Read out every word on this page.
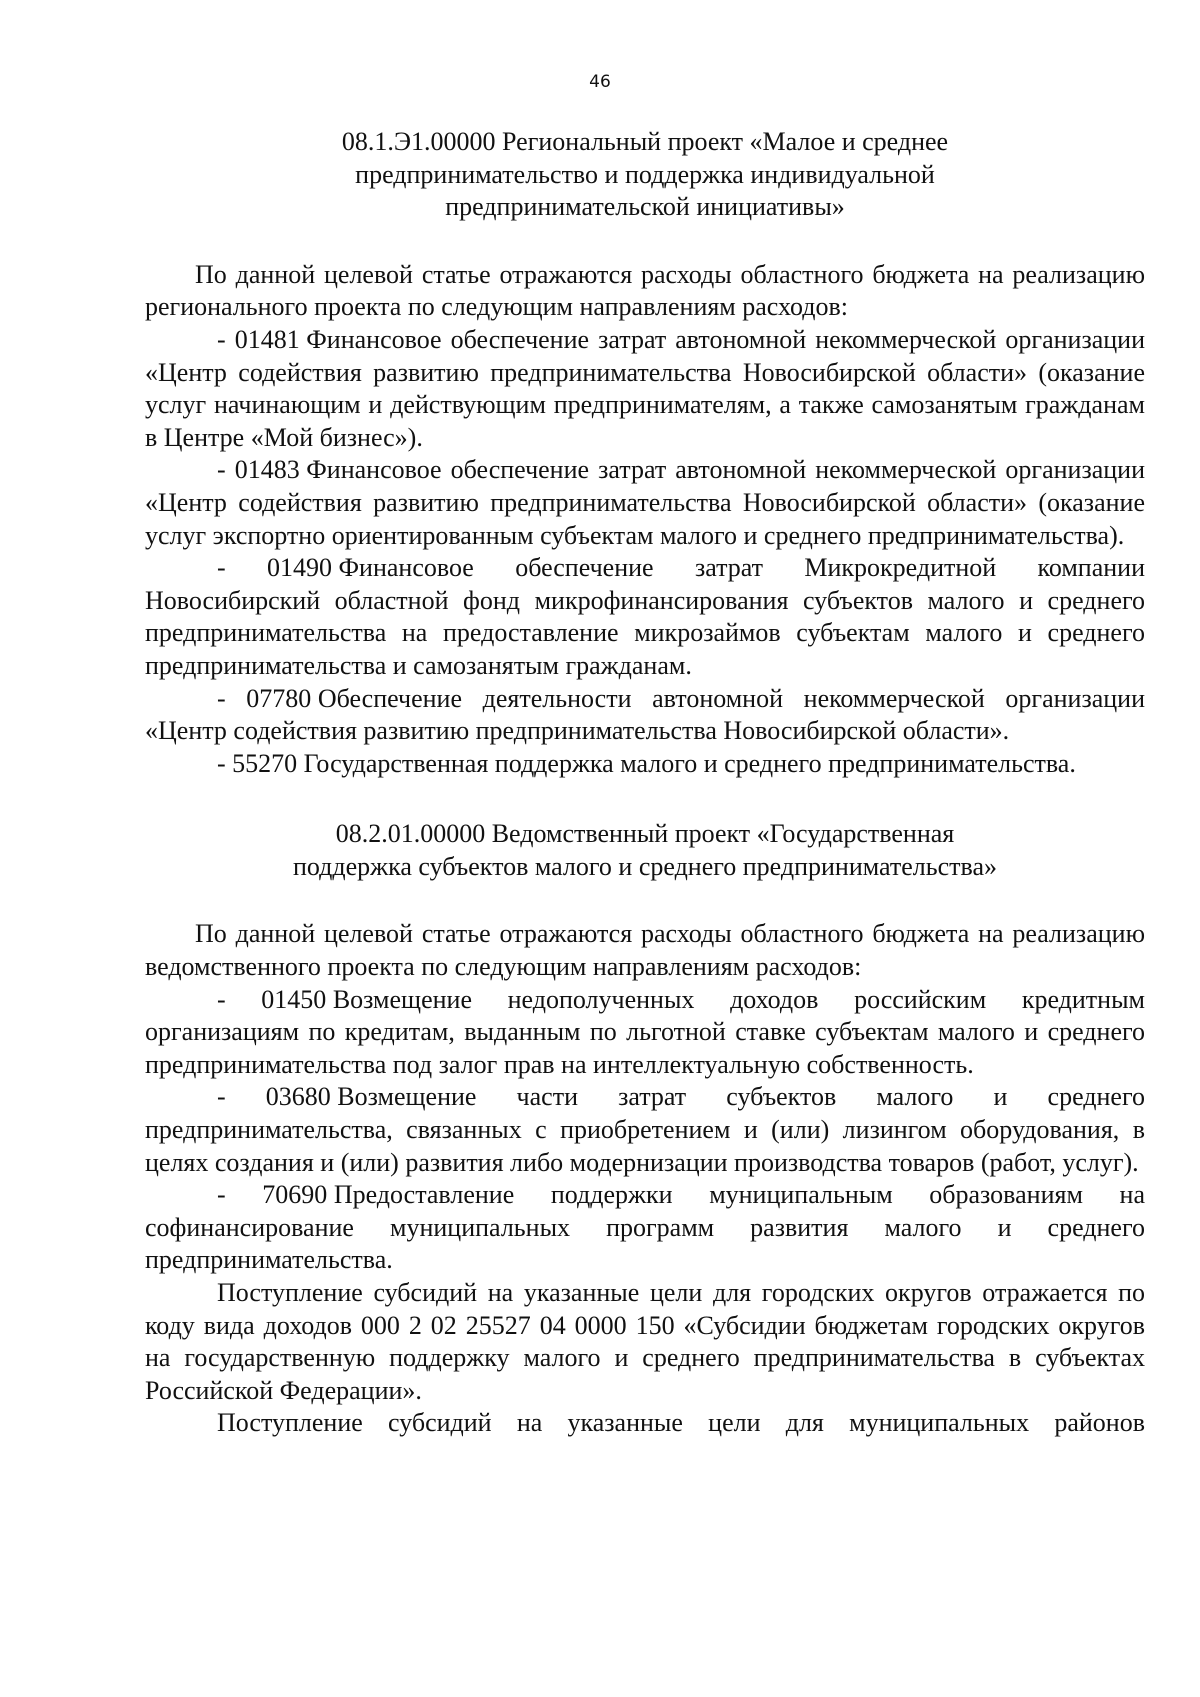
46
08.1.Э1.00000 Региональный проект «Малое и среднее
предпринимательство и поддержка индивидуальной
предпринимательской инициативы»

По данной целевой статье отражаются расходы областного бюджета на реализацию регионального проекта по следующим направлениям расходов:

- 01481 Финансовое обеспечение затрат автономной некоммерческой организации «Центр содействия развитию предпринимательства Новосибирской области» (оказание услуг начинающим и действующим предпринимателям, а также самозанятым гражданам в Центре «Мой бизнес»).

- 01483 Финансовое обеспечение затрат автономной некоммерческой организации «Центр содействия развитию предпринимательства Новосибирской области» (оказание услуг экспортно ориентированным субъектам малого и среднего предпринимательства).

- 01490 Финансовое обеспечение затрат Микрокредитной компании Новосибирский областной фонд микрофинансирования субъектов малого и среднего предпринимательства на предоставление микрозаймов субъектам малого и среднего предпринимательства и самозанятым гражданам.

- 07780 Обеспечение деятельности автономной некоммерческой организации «Центр содействия развитию предпринимательства Новосибирской области».

- 55270 Государственная поддержка малого и среднего предпринимательства.

08.2.01.00000 Ведомственный проект «Государственная
поддержка субъектов малого и среднего предпринимательства»

По данной целевой статье отражаются расходы областного бюджета на реализацию ведомственного проекта по следующим направлениям расходов:

- 01450 Возмещение недополученных доходов российским кредитным организациям по кредитам, выданным по льготной ставке субъектам малого и среднего предпринимательства под залог прав на интеллектуальную собственность.

- 03680 Возмещение части затрат субъектов малого и среднего предпринимательства, связанных с приобретением и (или) лизингом оборудования, в целях создания и (или) развития либо модернизации производства товаров (работ, услуг).

- 70690 Предоставление поддержки муниципальным образованиям на софинансирование муниципальных программ развития малого и среднего предпринимательства.

Поступление субсидий на указанные цели для городских округов отражается по коду вида доходов 000 2 02 25527 04 0000 150 «Субсидии бюджетам городских округов на государственную поддержку малого и среднего предпринимательства в субъектах Российской Федерации».

Поступление субсидий на указанные цели для муниципальных районов
